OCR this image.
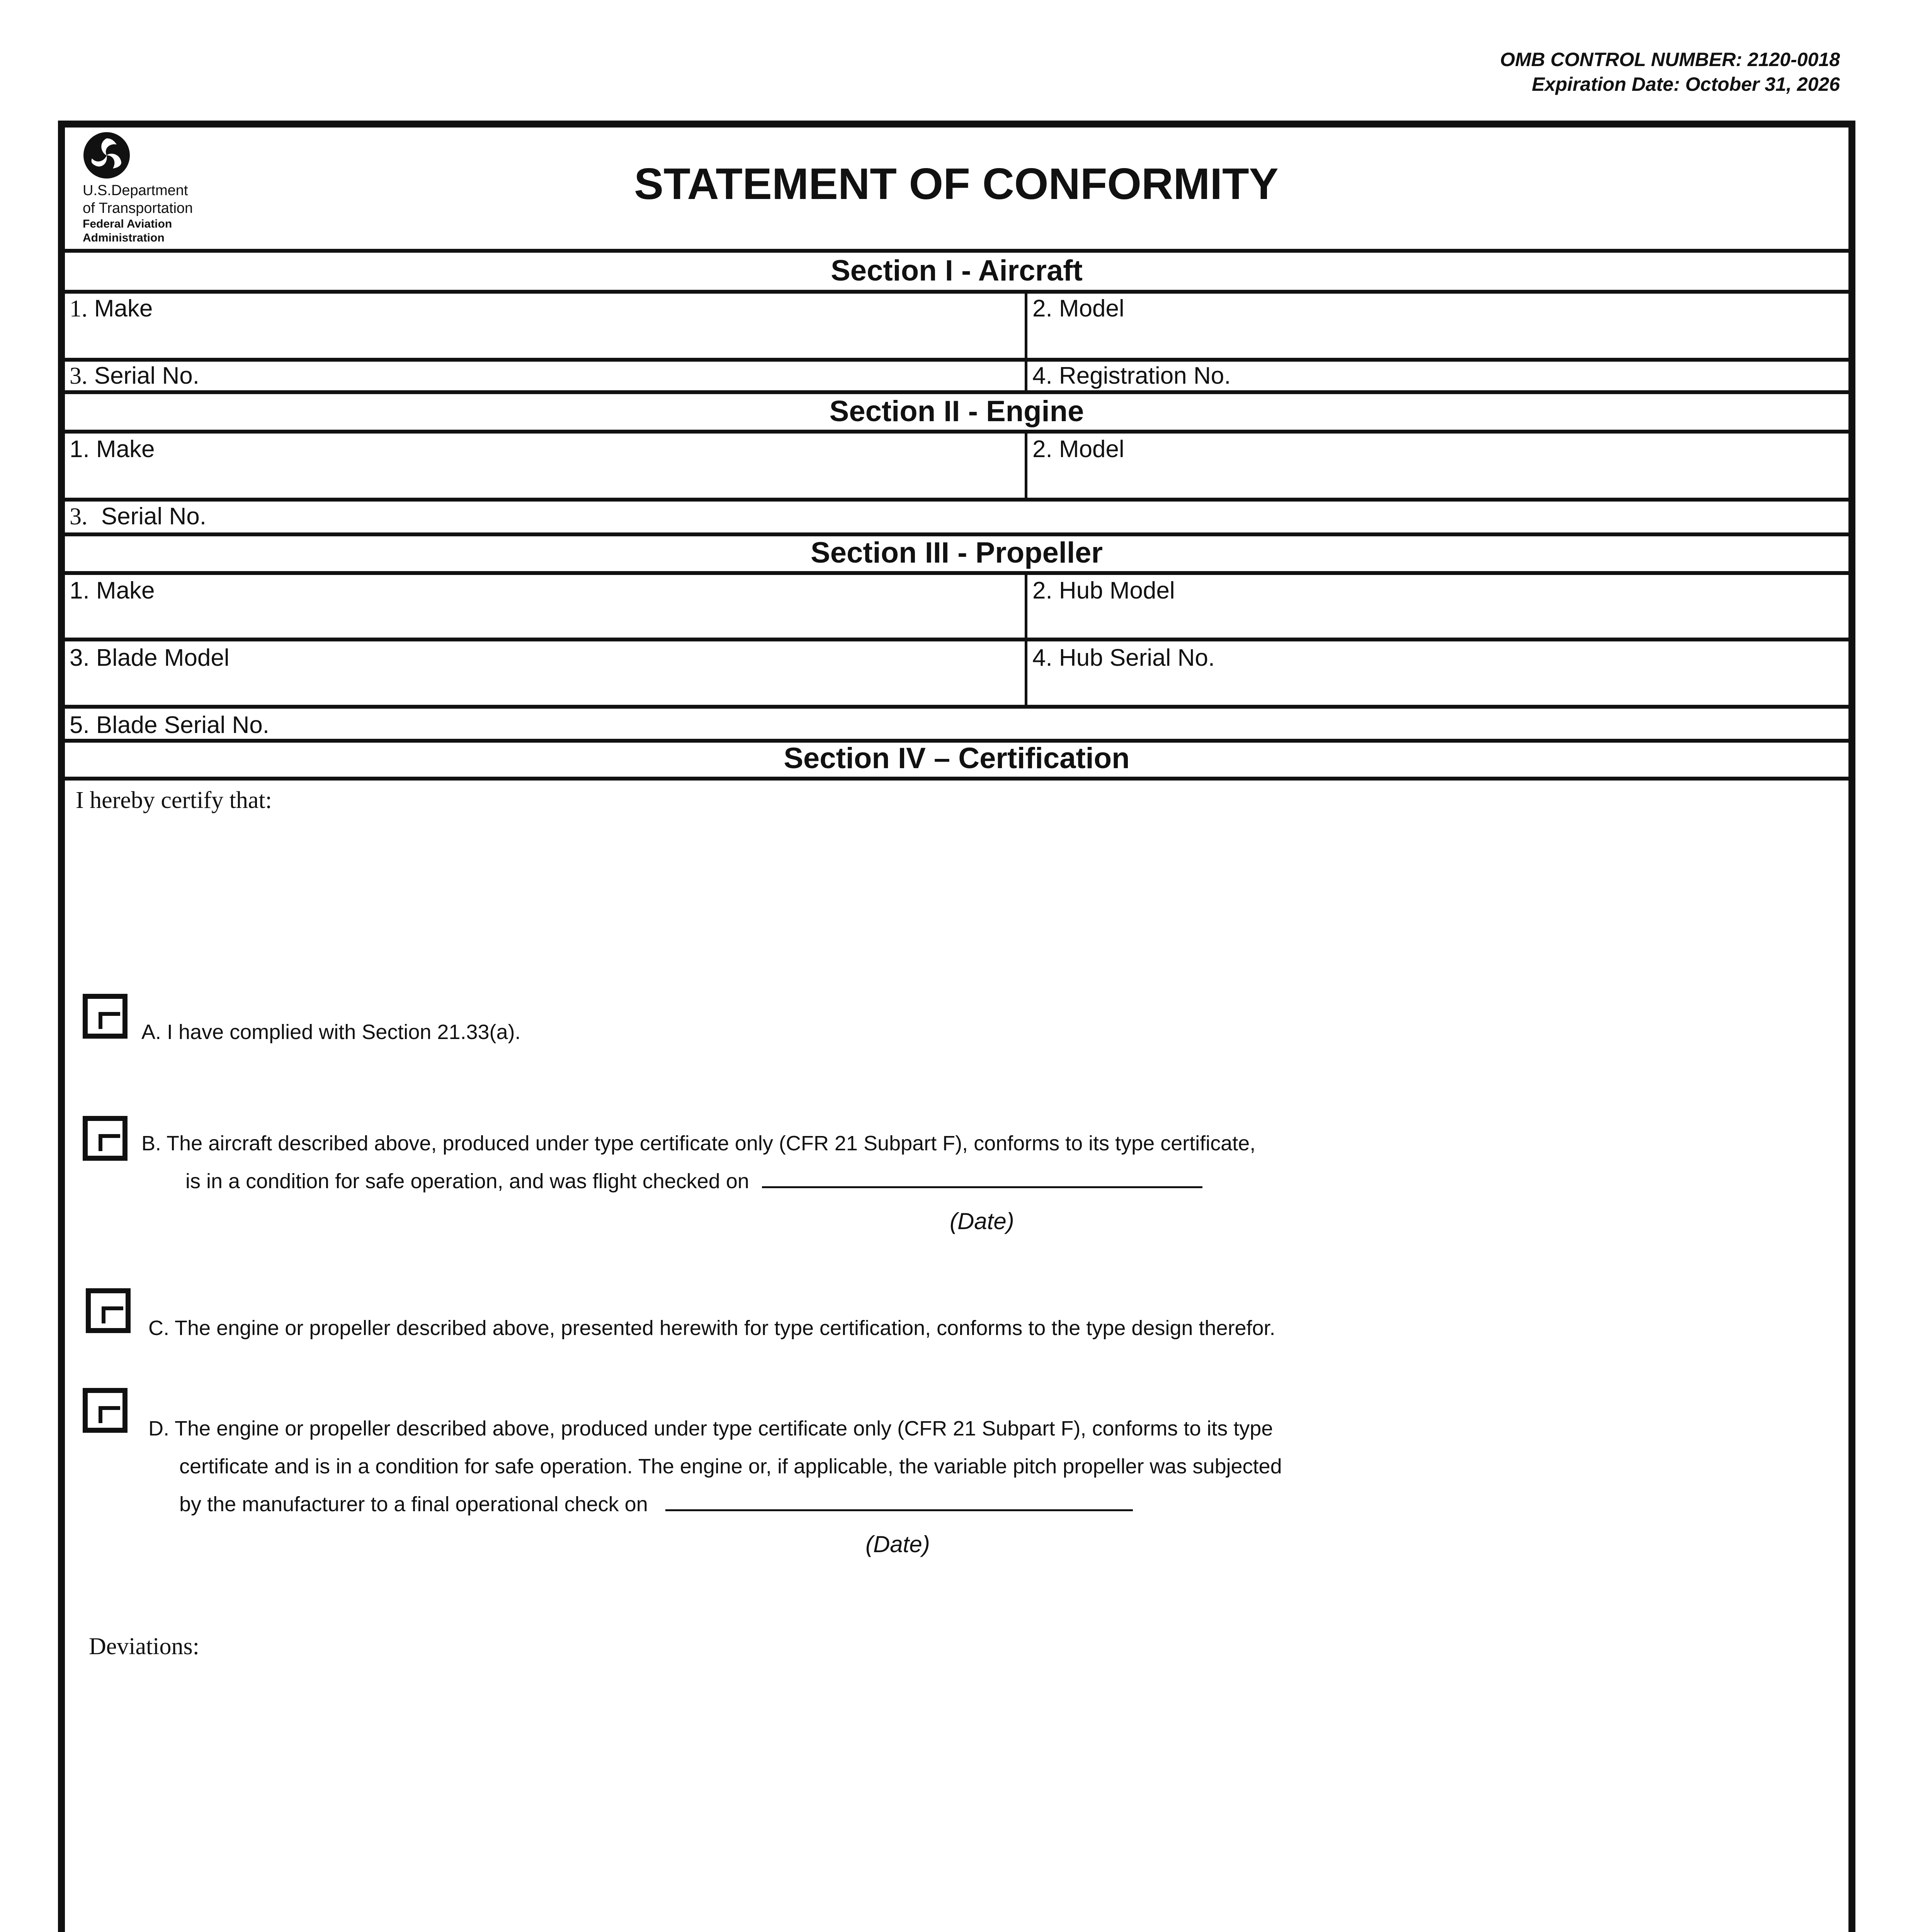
OMB CONTROL NUMBER: 2120-0018
Expiration Date: October 31, 2026
U.S.Department
of Transportation
Federal Aviation
Administration
STATEMENT OF CONFORMITY
Section I - Aircraft
1. Make	2. Model
3. Serial No.	4. Registration No.
Section II - Engine
1. Make	2. Model
3. Serial No.
Section III - Propeller
1. Make	2. Hub Model
3. Blade Model	4. Hub Serial No.
5. Blade Serial No.
Section IV – Certification
I hereby certify that:
A. I have complied with Section 21.33(a).
B. The aircraft described above, produced under type certificate only (CFR 21 Subpart F), conforms to its type certificate,
is in a condition for safe operation, and was flight checked on
(Date)
C. The engine or propeller described above, presented herewith for type certification, conforms to the type design therefor.
D. The engine or propeller described above, produced under type certificate only (CFR 21 Subpart F), conforms to its type
certificate and is in a condition for safe operation. The engine or, if applicable, the variable pitch propeller was subjected
by the manufacturer to a final operational check on
(Date)
Deviations:
